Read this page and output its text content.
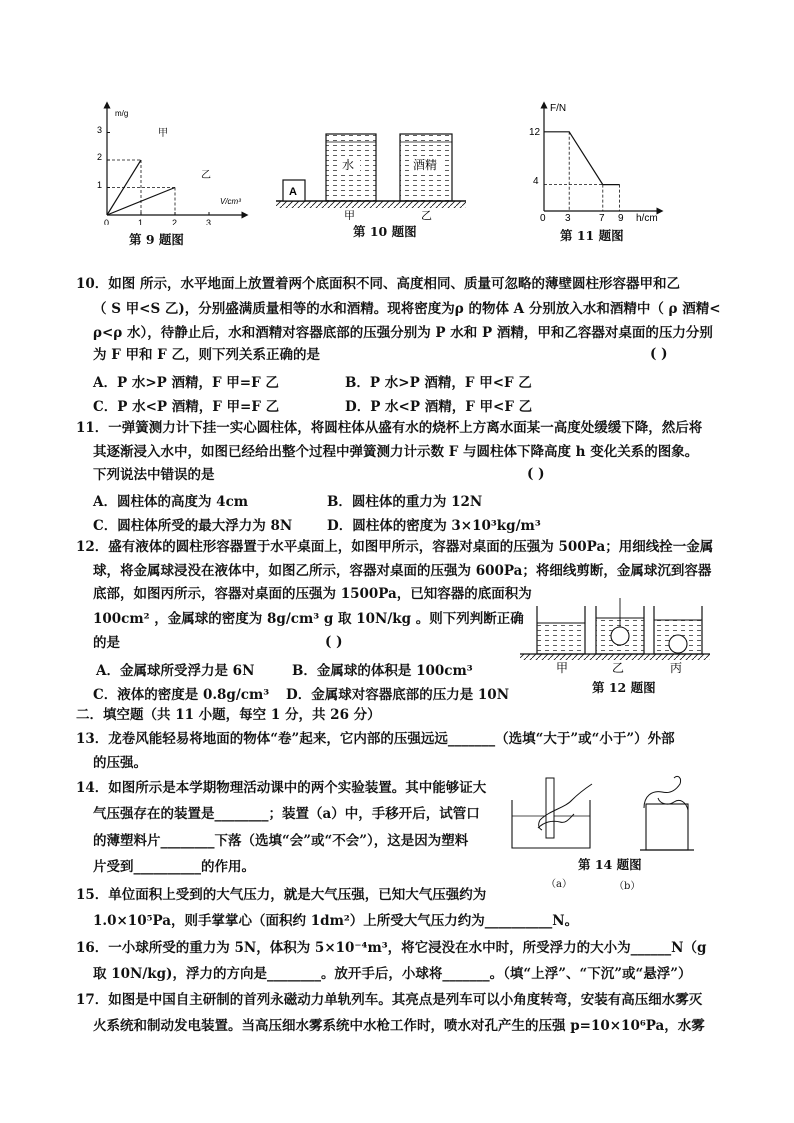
m/g
V/cm³
1
2
3
0	1	2	3
甲
乙
第 9 题图
A
水	酒精
甲	乙
第 10 题图
F/N
h/cm
12
4
0 3	7 9
第 11 题图
10．如图 所示，水平地面上放置着两个底面积不同、高度相同、质量可忽略的薄壁圆柱形容器甲和乙
（ S 甲<S 乙)，分别盛满质量相等的水和酒精。现将密度为ρ 的物体 A 分别放入水和酒精中（ ρ 酒精<
ρ<ρ 水），待静止后，水和酒精对容器底部的压强分别为 P 水和 P 酒精，甲和乙容器对桌面的压力分别
为 F 甲和 F 乙，则下列关系正确的是	( )
A．P 水>P 酒精，F 甲=F 乙	B．P 水>P 酒精，F 甲<F 乙
C．P 水<P 酒精，F 甲=F 乙	D．P 水<P 酒精，F 甲<F 乙
11．一弹簧测力计下挂一实心圆柱体，将圆柱体从盛有水的烧杯上方离水面某一高度处缓缓下降，然后将
其逐渐浸入水中，如图已经给出整个过程中弹簧测力计示数 F 与圆柱体下降高度 h 变化关系的图象。
下列说法中错误的是	( )
A．圆柱体的高度为 4cm	B．圆柱体的重力为 12N
C．圆柱体所受的最大浮力为 8N	D．圆柱体的密度为 3×10³kg/m³
12．盛有液体的圆柱形容器置于水平桌面上，如图甲所示，容器对桌面的压强为 500Pa；用细线拴一金属
球，将金属球浸没在液体中，如图乙所示，容器对桌面的压强为 600Pa；将细线剪断，金属球沉到容器
底部，如图丙所示，容器对桌面的压强为 1500Pa，已知容器的底面积为
100cm² ，金属球的密度为 8g/cm³ g 取 10N/kg 。则下列判断正确
的是	( )
A．金属球所受浮力是 6N	B．金属球的体积是 100cm³
C．液体的密度是 0.8g/cm³ D．金属球对容器底部的压力是 10N
甲	乙	丙
第 12 题图
二．填空题（共 11 小题，每空 1 分，共 26 分）
13．龙卷风能轻易将地面的物体“卷”起来，它内部的压强远远_______（选填“大于”或“小于”）外部
的压强。
14．如图所示是本学期物理活动课中的两个实验装置。其中能够证大
气压强存在的装置是________；装置（a）中，手移开后，试管口
的薄塑料片________下落（选填“会”或“不会”），这是因为塑料
片受到__________的作用。	第 14 题图
（a）	（b）
15．单位面积上受到的大气压力，就是大气压强，已知大气压强约为
1.0×10⁵Pa，则手掌掌心（面积约 1dm²）上所受大气压力约为__________N。
16．一小球所受的重力为 5N，体积为 5×10⁻⁴m³，将它浸没在水中时，所受浮力的大小为______N（g
取 10N/kg)，浮力的方向是________。放开手后，小球将_______。（填“上浮”、“下沉”或“悬浮”）
17．如图是中国自主研制的首列永磁动力单轨列车。其亮点是列车可以小角度转弯，安装有高压细水雾灭
火系统和制动发电装置。当高压细水雾系统中水枪工作时，喷水对孔产生的压强 p=10×10⁶Pa，水雾
